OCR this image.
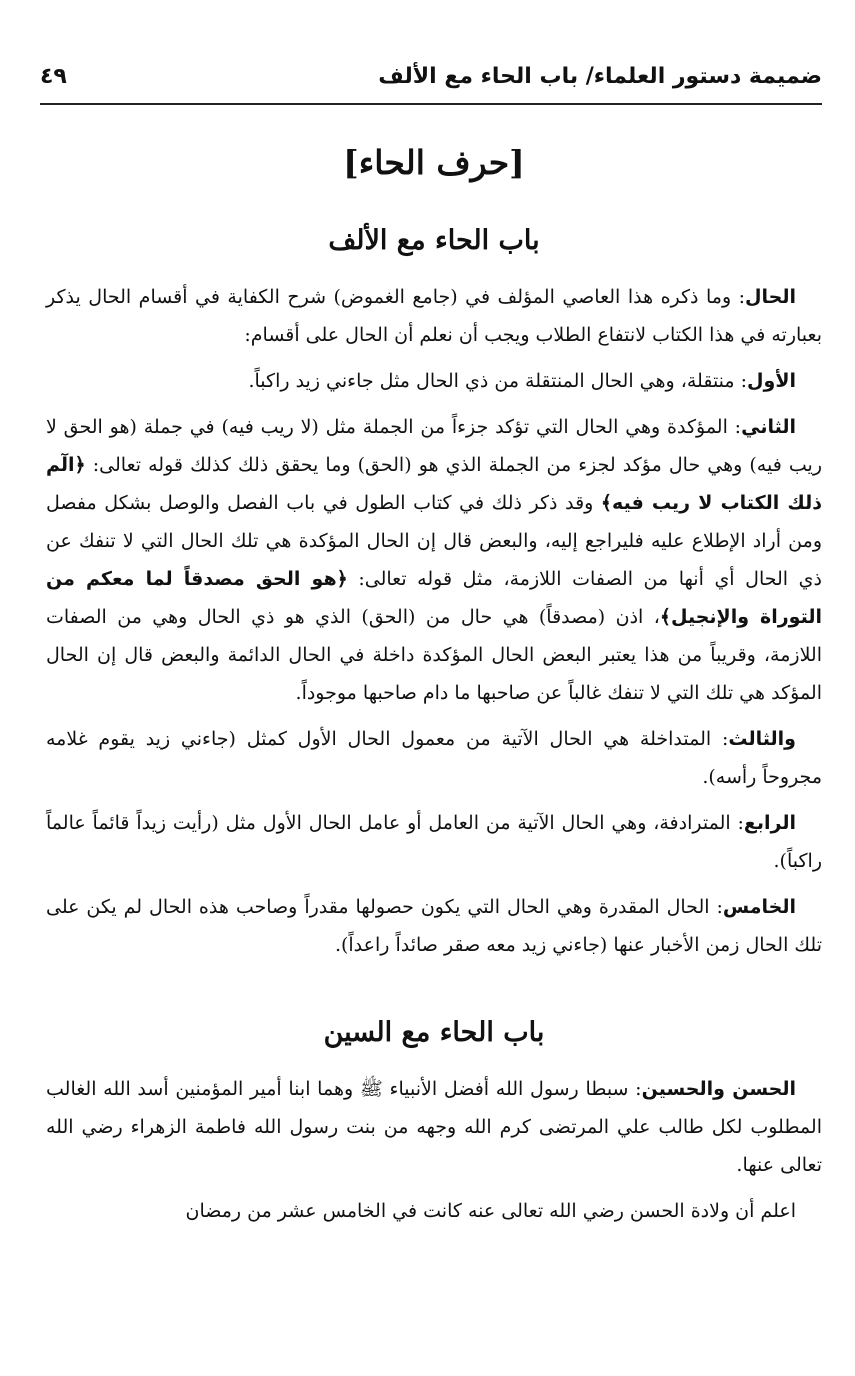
ضميمة دستور العلماء/ باب الحاء مع الألف
٤٩
[حرف الحاء]
باب الحاء مع الألف

الحال: وما ذكره هذا العاصي المؤلف في (جامع الغموض) شرح الكفاية في أقسام الحال يذكر بعبارته في هذا الكتاب لانتفاع الطلاب ويجب أن نعلم أن الحال على أقسام:

الأول: منتقلة، وهي الحال المنتقلة من ذي الحال مثل جاءني زيد راكباً.

الثاني: المؤكدة وهي الحال التي تؤكد جزءاً من الجملة مثل (لا ريب فيه) في جملة (هو الحق لا ريب فيه) وهي حال مؤكد لجزء من الجملة الذي هو (الحق) وما يحقق ذلك كذلك قوله تعالى: ﴿الٓم ذلك الكتاب لا ريب فيه﴾ وقد ذكر ذلك في كتاب الطول في باب الفصل والوصل بشكل مفصل ومن أراد الإطلاع عليه فليراجع إليه، والبعض قال إن الحال المؤكدة هي تلك الحال التي لا تنفك عن ذي الحال أي أنها من الصفات اللازمة، مثل قوله تعالى: ﴿هو الحق مصدقاً لما معكم من التوراة والإنجيل﴾، اذن (مصدقاً) هي حال من (الحق) الذي هو ذي الحال وهي من الصفات اللازمة، وقريباً من هذا يعتبر البعض الحال المؤكدة داخلة في الحال الدائمة والبعض قال إن الحال المؤكد هي تلك التي لا تنفك غالباً عن صاحبها ما دام صاحبها موجوداً.

والثالث: المتداخلة هي الحال الآتية من معمول الحال الأول كمثل (جاءني زيد يقوم غلامه مجروحاً رأسه).

الرابع: المترادفة، وهي الحال الآتية من العامل أو عامل الحال الأول مثل (رأيت زيداً قائماً عالماً راكباً).

الخامس: الحال المقدرة وهي الحال التي يكون حصولها مقدراً وصاحب هذه الحال لم يكن على تلك الحال زمن الأخبار عنها (جاءني زيد معه صقر صائداً راعداً).

باب الحاء مع السين

الحسن والحسين: سبطا رسول الله أفضل الأنبياء ﷺ وهما ابنا أمير المؤمنين أسد الله الغالب المطلوب لكل طالب علي المرتضى كرم الله وجهه من بنت رسول الله فاطمة الزهراء رضي الله تعالى عنها.

اعلم أن ولادة الحسن رضي الله تعالى عنه كانت في الخامس عشر من رمضان
